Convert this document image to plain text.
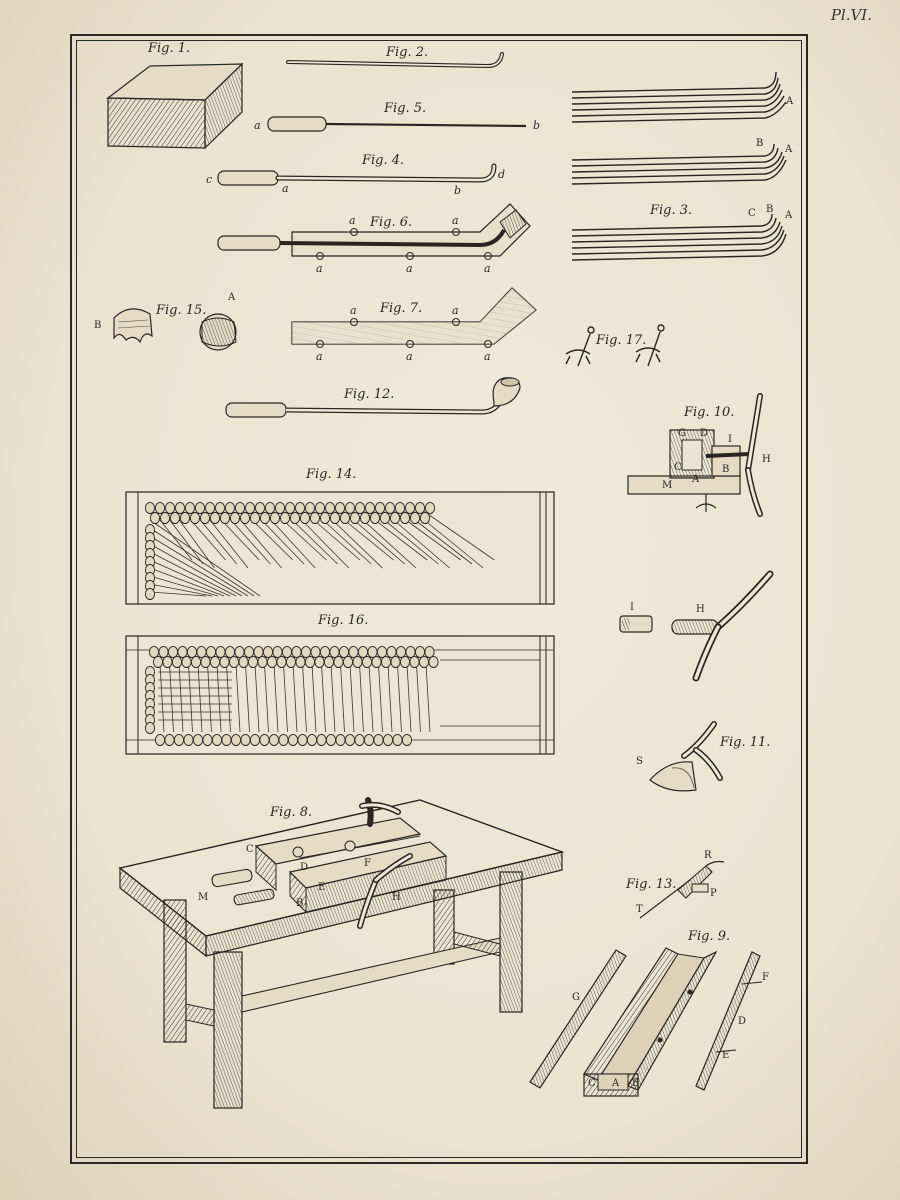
Pl.VI.
Fig. 1.	Fig. 2.
a	b
Fig. 5.
c
a	b
d
Fig. 4.
a	a
a	a	a
Fig. 6.
A
B
A
C B
A
Fig. 3.
B
A
Fig. 15.	a	a
a	a	a
Fig. 7.
Fig. 17.
Fig. 12.
G D
I
C	B
A
M
H
Fig. 10.
Fig. 14.
Fig. 16.
I	H
S
Fig. 11.
C
D
E
F
M
B
H
Fig. 8.
R
P
T
Fig. 13.
G
C A B
F
D
E
Fig. 9.
